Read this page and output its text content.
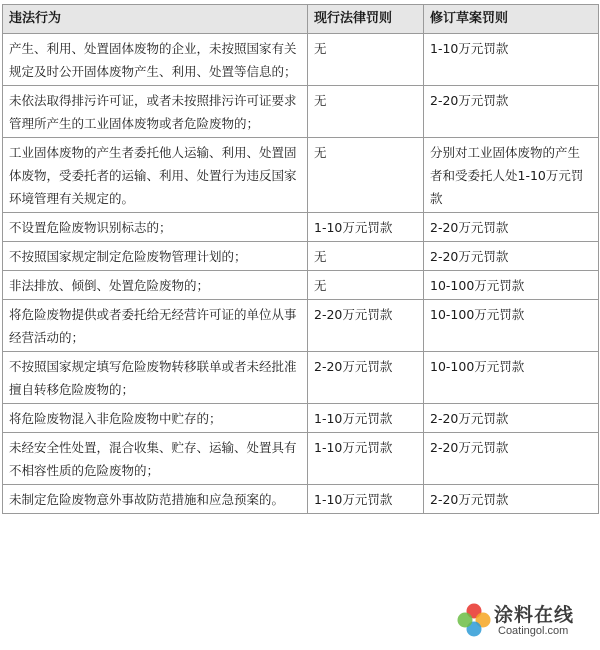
违法行为	现行法律罚则	修订草案罚则
产生、利用、处置固体废物的企业，未按照国家有关规定及时公开固体废物产生、利用、处置等信息的；	无	1-10万元罚款
未依法取得排污许可证，或者未按照排污许可证要求管理所产生的工业固体废物或者危险废物的；	无	2-20万元罚款
工业固体废物的产生者委托他人运输、利用、处置固体废物，受委托者的运输、利用、处置行为违反国家环境管理有关规定的。	无	分别对工业固体废物的产生者和受委托人处1-10万元罚款
不设置危险废物识别标志的；	1-10万元罚款	2-20万元罚款
不按照国家规定制定危险废物管理计划的；	无	2-20万元罚款
非法排放、倾倒、处置危险废物的；	无	10-100万元罚款
将危险废物提供或者委托给无经营许可证的单位从事经营活动的；	2-20万元罚款	10-100万元罚款
不按照国家规定填写危险废物转移联单或者未经批准擅自转移危险废物的；	2-20万元罚款	10-100万元罚款
将危险废物混入非危险废物中贮存的；	1-10万元罚款	2-20万元罚款
未经安全性处置，混合收集、贮存、运输、处置具有不相容性质的危险废物的；	1-10万元罚款	2-20万元罚款
未制定危险废物意外事故防范措施和应急预案的。	1-10万元罚款	2-20万元罚款
涂料在线
Coatingol.com
